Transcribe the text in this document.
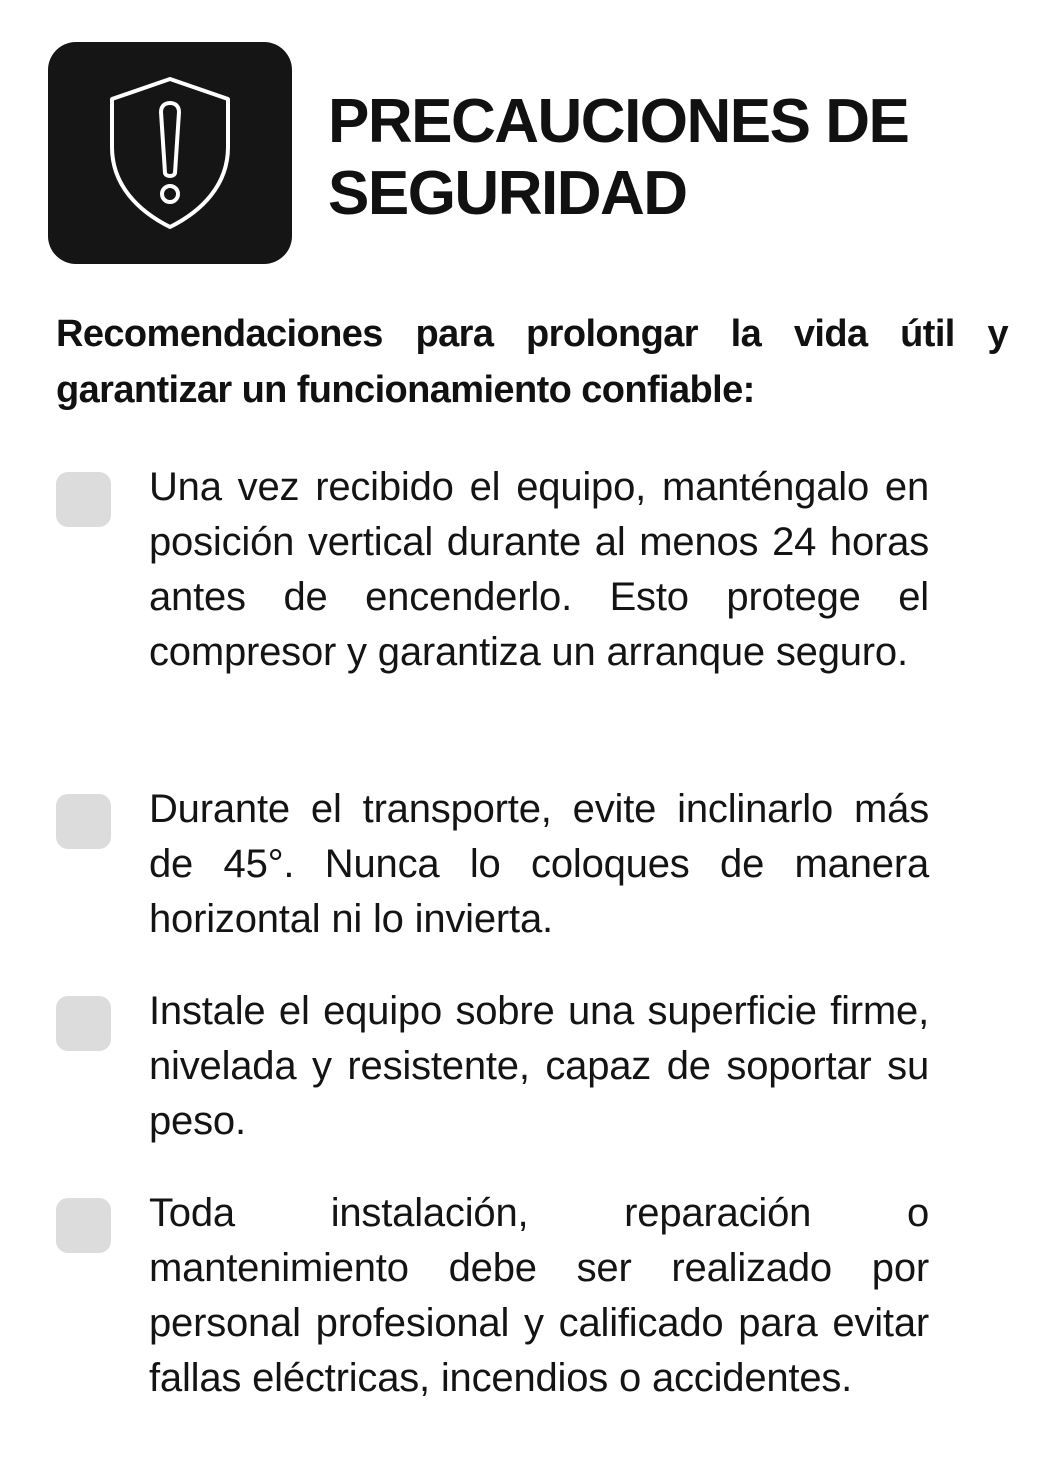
PRECAUCIONES DE SEGURIDAD

Recomendaciones para prolongar la vida útil y garantizar un funcionamiento confiable:

Una vez recibido el equipo, manténgalo en posición vertical durante al menos 24 horas antes de encenderlo. Esto protege el compresor y garantiza un arranque seguro.

Durante el transporte, evite inclinarlo más de 45°. Nunca lo coloques de manera horizontal ni lo invierta.

Instale el equipo sobre una superficie firme, nivelada y resistente, capaz de soportar su peso.

Toda instalación, reparación o mantenimiento debe ser realizado por personal profesional y calificado para evitar fallas eléctricas, incendios o accidentes.
